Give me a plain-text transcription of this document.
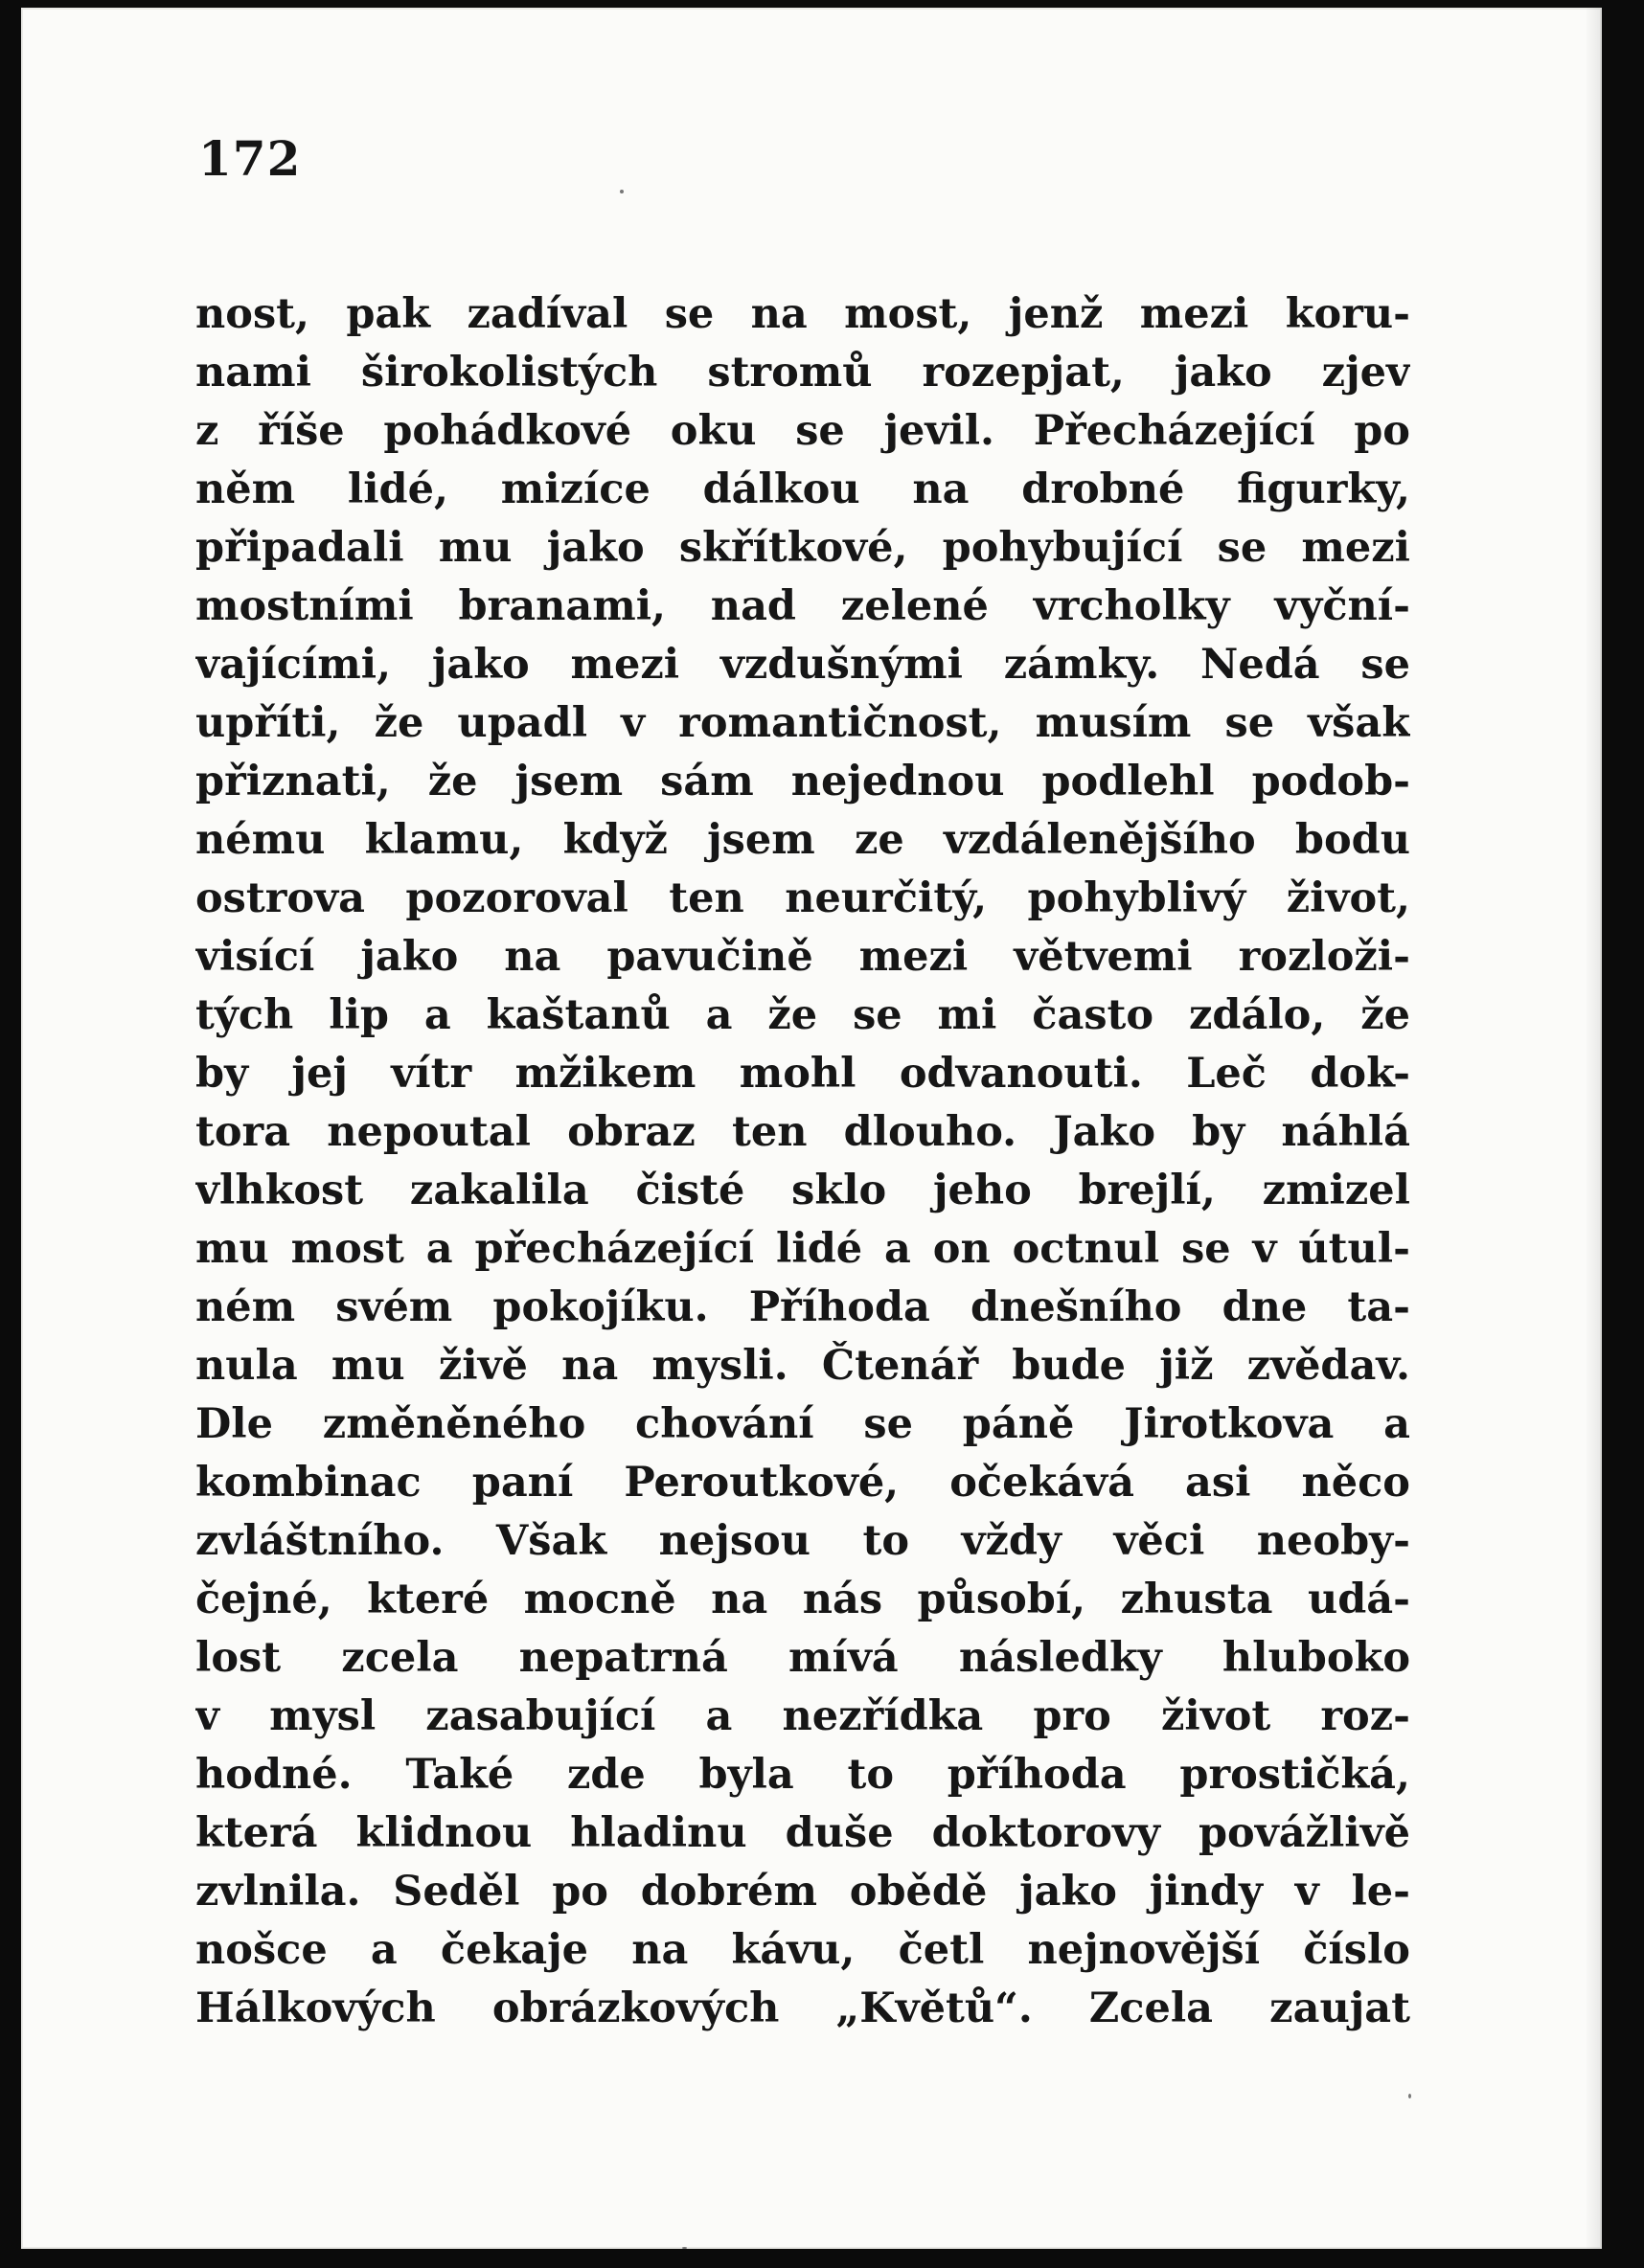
172
nost, pak zadíval se na most, jenž mezi koru-
nami širokolistých stromů rozepjat, jako zjev
z říše pohádkové oku se jevil. Přecházející po
něm lidé, mizíce dálkou na drobné figurky,
připadali mu jako skřítkové, pohybující se mezi
mostními branami, nad zelené vrcholky vyční-
vajícími, jako mezi vzdušnými zámky. Nedá se
upříti, že upadl v romantičnost, musím se však
přiznati, že jsem sám nejednou podlehl podob-
nému klamu, když jsem ze vzdálenějšího bodu
ostrova pozoroval ten neurčitý, pohyblivý život,
visící jako na pavučině mezi větvemi rozloži-
tých lip a kaštanů a že se mi často zdálo, že
by jej vítr mžikem mohl odvanouti. Leč dok-
tora nepoutal obraz ten dlouho. Jako by náhlá
vlhkost zakalila čisté sklo jeho brejlí, zmizel
mu most a přecházející lidé a on octnul se v útul-
ném svém pokojíku. Příhoda dnešního dne ta-
nula mu živě na mysli. Čtenář bude již zvědav.
Dle změněného chování se páně Jirotkova a
kombinac paní Peroutkové, očekává asi něco
zvláštního. Však nejsou to vždy věci neoby-
čejné, které mocně na nás působí, zhusta udá-
lost zcela nepatrná mívá následky hluboko
v mysl zasabující a nezřídka pro život roz-
hodné. Také zde byla to příhoda prostičká,
která klidnou hladinu duše doktorovy povážlivě
zvlnila. Seděl po dobrém obědě jako jindy v le-
nošce a čekaje na kávu, četl nejnovější číslo
Hálkových obrázkových „Květů“. Zcela zaujat
